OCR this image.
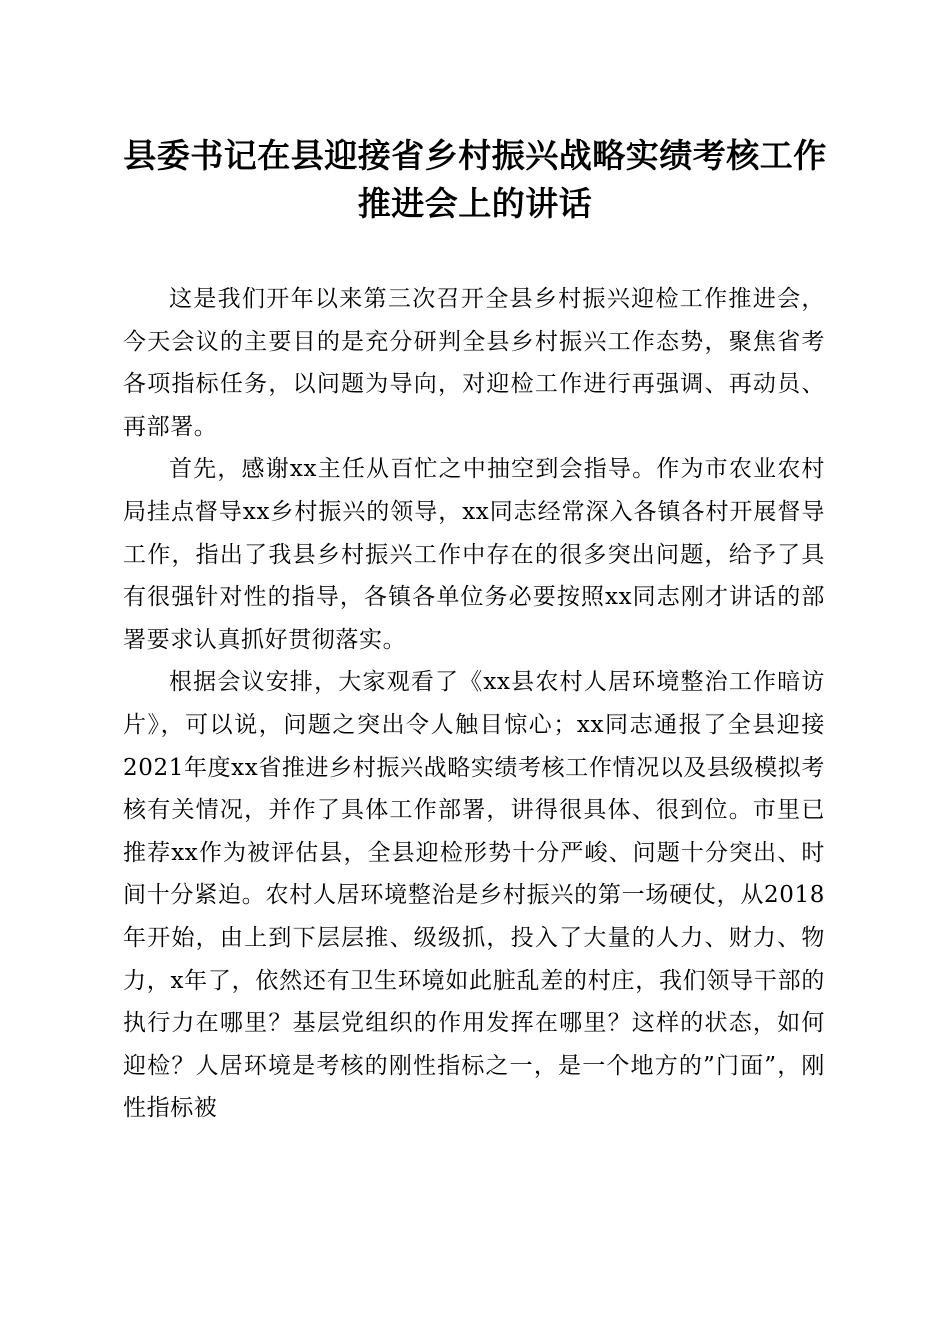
县委书记在县迎接省乡村振兴战略实绩考核工作推进会上的讲话

这是我们开年以来第三次召开全县乡村振兴迎检工作推进会，今天会议的主要目的是充分研判全县乡村振兴工作态势，聚焦省考各项指标任务，以问题为导向，对迎检工作进行再强调、再动员、再部署。

首先，感谢xx主任从百忙之中抽空到会指导。作为市农业农村局挂点督导xx乡村振兴的领导，xx同志经常深入各镇各村开展督导工作，指出了我县乡村振兴工作中存在的很多突出问题，给予了具有很强针对性的指导，各镇各单位务必要按照xx同志刚才讲话的部署要求认真抓好贯彻落实。

根据会议安排，大家观看了《xx县农村人居环境整治工作暗访片》，可以说，问题之突出令人触目惊心；xx同志通报了全县迎接2021年度xx省推进乡村振兴战略实绩考核工作情况以及县级模拟考核有关情况，并作了具体工作部署，讲得很具体、很到位。市里已推荐xx作为被评估县，全县迎检形势十分严峻、问题十分突出、时间十分紧迫。农村人居环境整治是乡村振兴的第一场硬仗，从2018年开始，由上到下层层推、级级抓，投入了大量的人力、财力、物力，x年了，依然还有卫生环境如此脏乱差的村庄，我们领导干部的执行力在哪里？基层党组织的作用发挥在哪里？这样的状态，如何迎检？人居环境是考核的刚性指标之一，是一个地方的”门面”，刚性指标被
